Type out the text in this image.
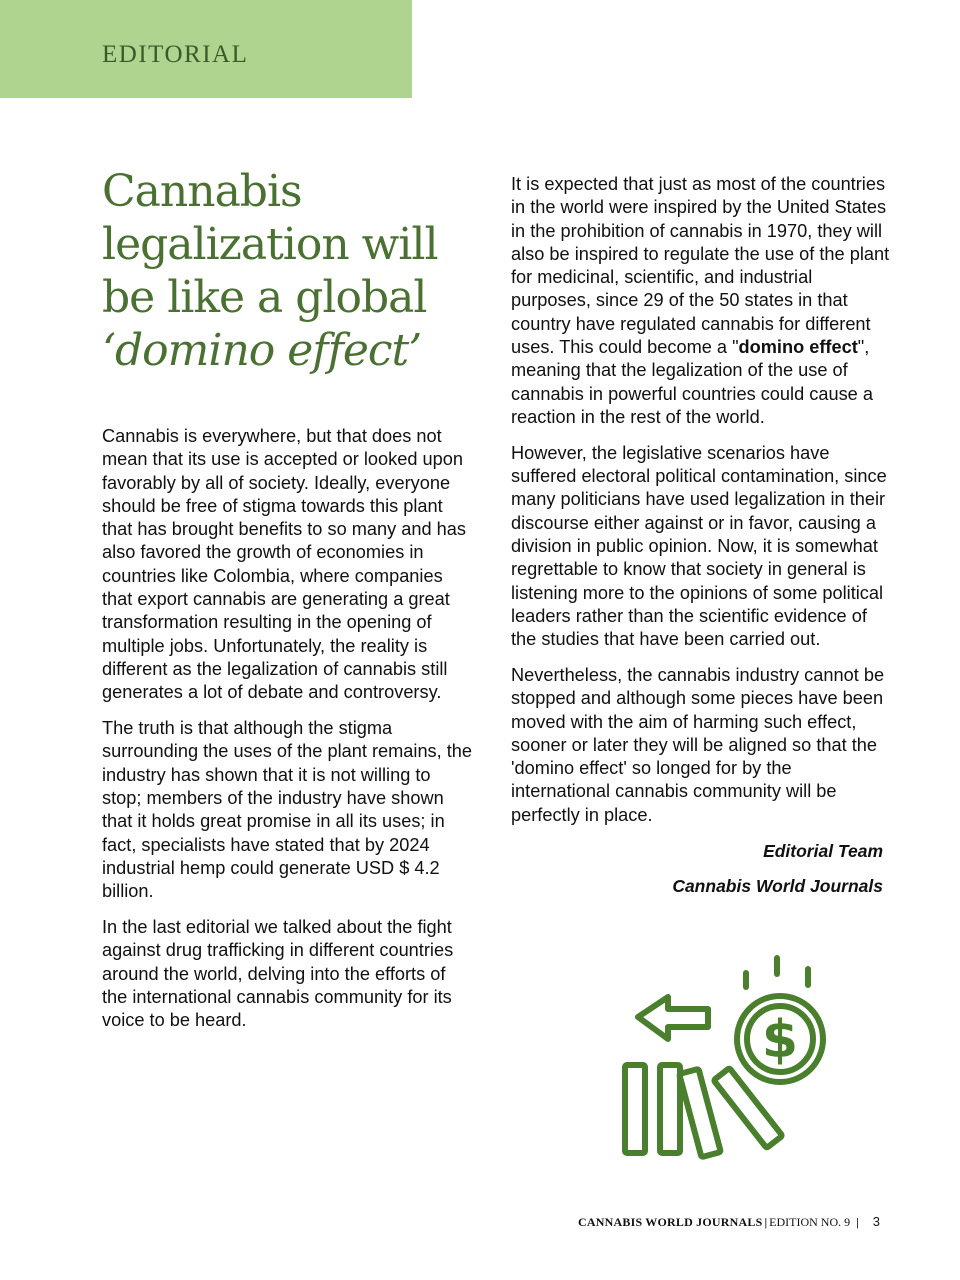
EDITORIAL
Cannabis
legalization will
be like a global
‘domino effect’

Cannabis is everywhere, but that does not mean that its use is accepted or looked upon favorably by all of society. Ideally, everyone should be free of stigma towards this plant that has brought benefits to so many and has also favored the growth of economies in countries like Colombia, where companies that export cannabis are generating a great transformation resulting in the opening of multiple jobs. Unfortunately, the reality is different as the legalization of cannabis still generates a lot of debate and controversy.

The truth is that although the stigma surrounding the uses of the plant remains, the industry has shown that it is not willing to stop; members of the industry have shown that it holds great promise in all its uses; in fact, specialists have stated that by 2024 industrial hemp could generate USD $ 4.2 billion.

In the last editorial we talked about the fight against drug trafficking in different countries around the world, delving into the efforts of the international cannabis community for its voice to be heard.

It is expected that just as most of the countries in the world were inspired by the United States in the prohibition of cannabis in 1970, they will also be inspired to regulate the use of the plant for medicinal, scientific, and industrial purposes, since 29 of the 50 states in that country have regulated cannabis for different uses. This could become a "domino effect", meaning that the legalization of the use of cannabis in powerful countries could cause a reaction in the rest of the world.

However, the legislative scenarios have suffered electoral political contamination, since many politicians have used legalization in their discourse either against or in favor, causing a division in public opinion. Now, it is somewhat regrettable to know that society in general is listening more to the opinions of some political leaders rather than the scientific evidence of the studies that have been carried out.

Nevertheless, the cannabis industry cannot be stopped and although some pieces have been moved with the aim of harming such effect, sooner or later they will be aligned so that the 'domino effect' so longed for by the international cannabis community will be perfectly in place.

Editorial Team

Cannabis World Journals

$
CANNABIS WORLD JOURNALS | EDITION NO. 9 | 3
